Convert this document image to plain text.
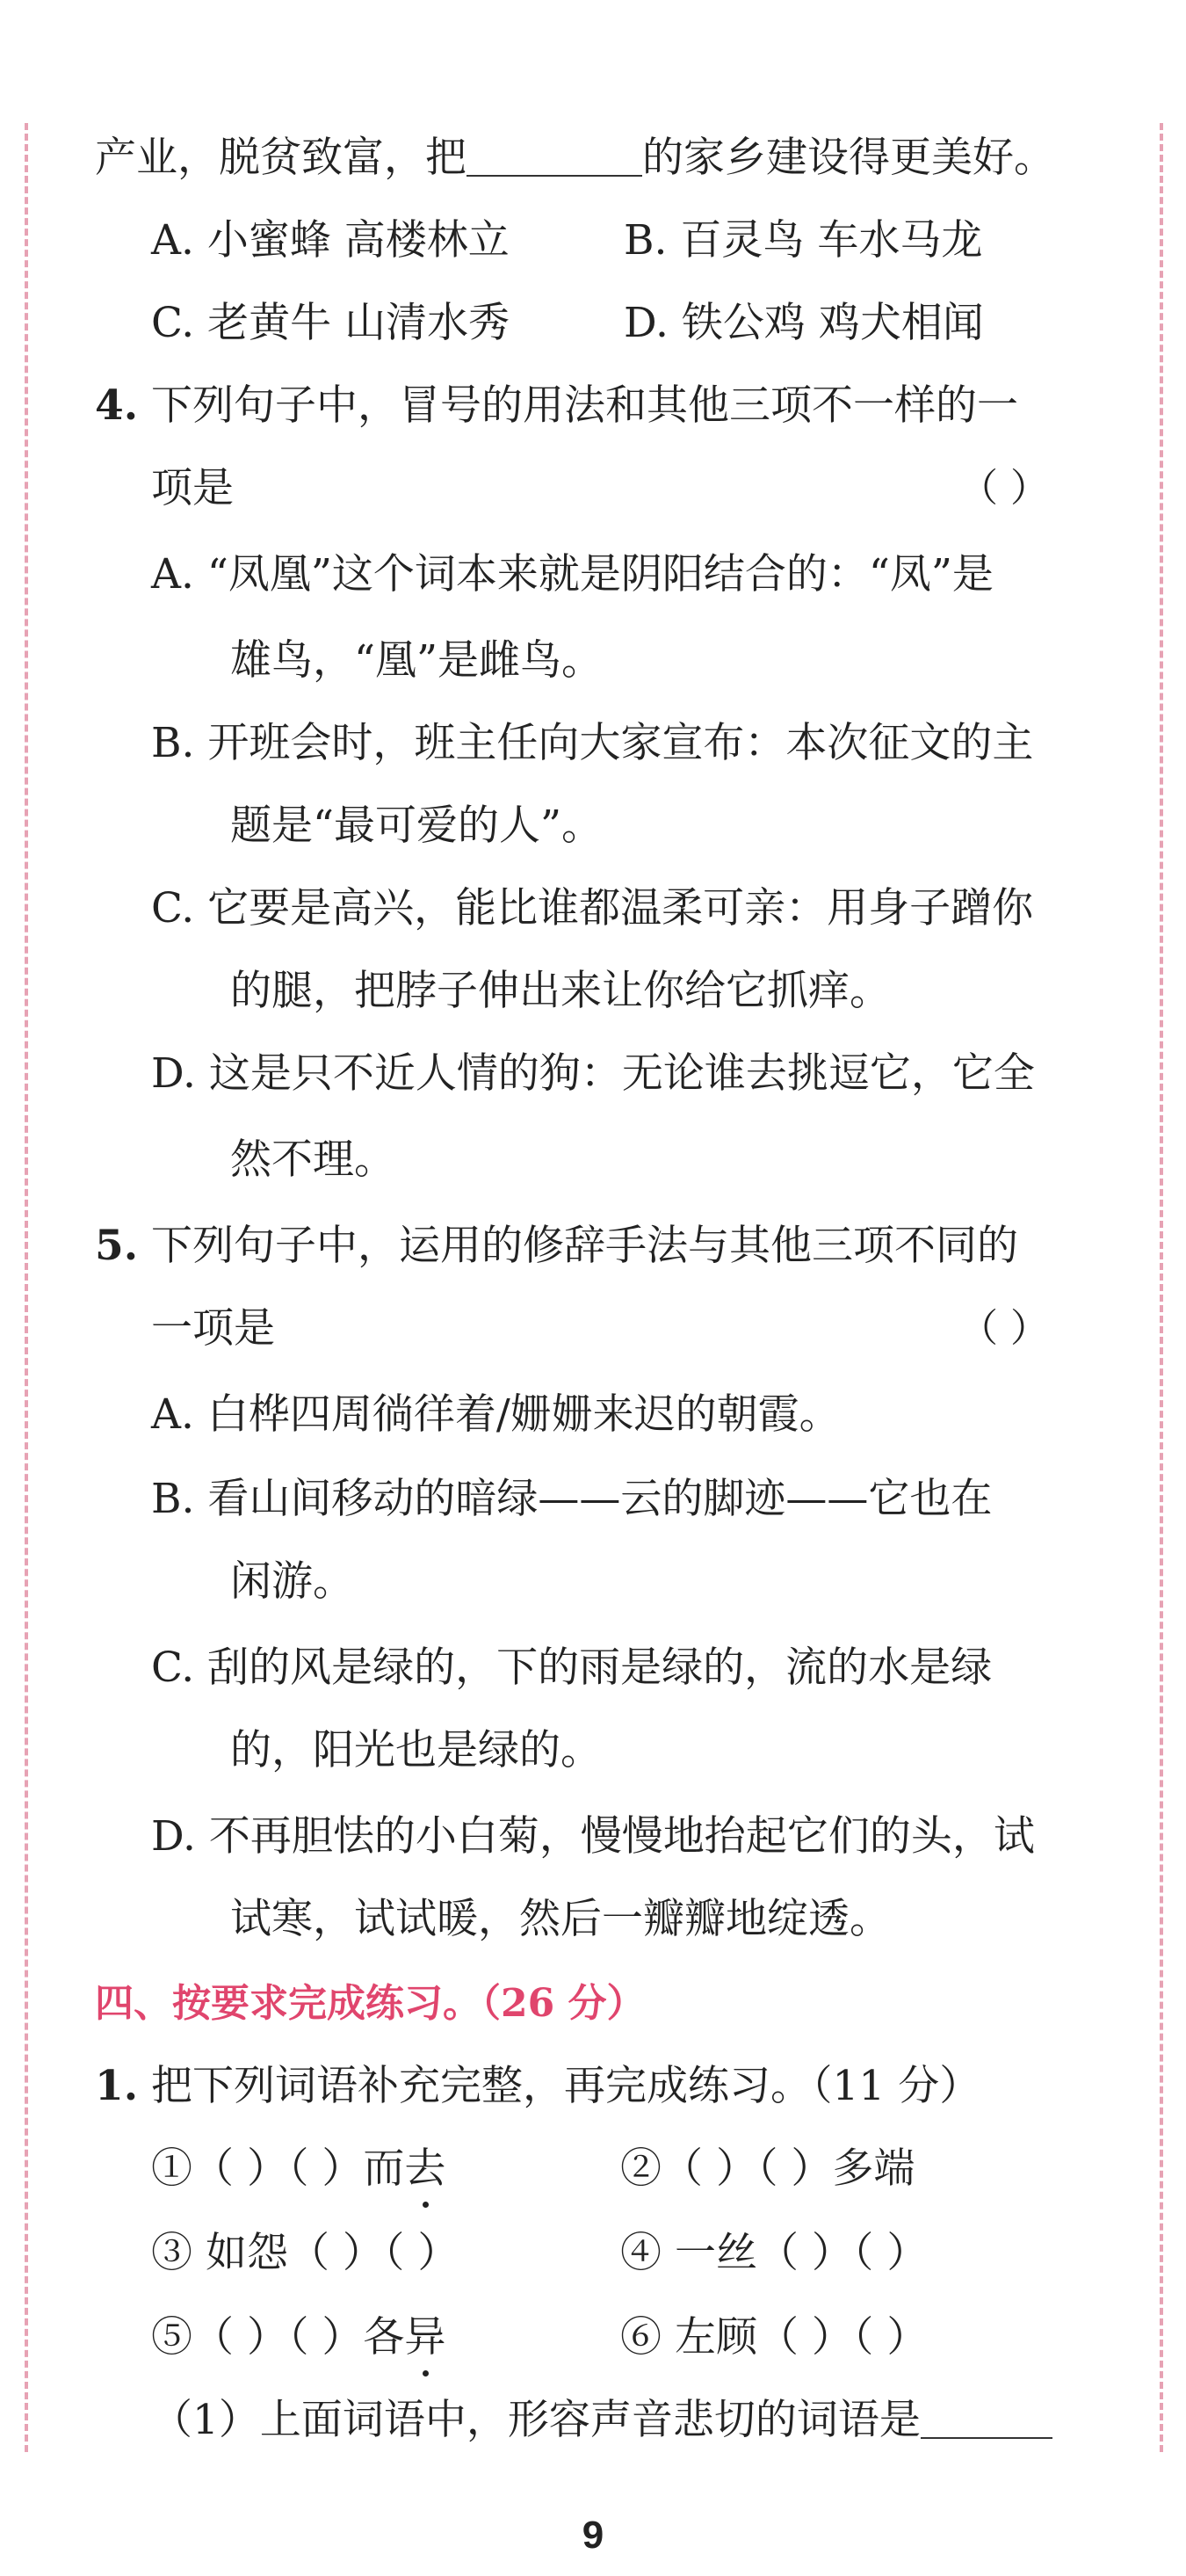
产业，脱贫致富，把	的家乡建设得更美好。
A. 小蜜蜂 高楼林立	B. 百灵鸟 车水马龙
C. 老黄牛 山清水秀	D. 铁公鸡 鸡犬相闻
4. 下列句子中，冒号的用法和其他三项不一样的一
项是	（ ）
A. “凤凰”这个词本来就是阴阳结合的：“凤”是
雄鸟，“凰”是雌鸟。
B. 开班会时，班主任向大家宣布：本次征文的主
题是“最可爱的人”。
C. 它要是高兴，能比谁都温柔可亲：用身子蹭你
的腿，把脖子伸出来让你给它抓痒。
D. 这是只不近人情的狗：无论谁去挑逗它，它全
然不理。
5. 下列句子中，运用的修辞手法与其他三项不同的
一项是	（ ）
A. 白桦四周徜徉着/姗姗来迟的朝霞。
B. 看山间移动的暗绿——云的脚迹——它也在
闲游。
C. 刮的风是绿的，下的雨是绿的，流的水是绿
的，阳光也是绿的。
D. 不再胆怯的小白菊，慢慢地抬起它们的头，试
试寒，试试暖，然后一瓣瓣地绽透。
四、按要求完成练习。（26 分）
1. 把下列词语补充完整，再完成练习。（11 分）
①（ ）（ ）而去	②（ ）（ ）多端
③ 如怨（ ）（ ）	④ 一丝（ ）（ ）
⑤（ ）（ ）各异	⑥ 左顾（ ）（ ）
（1）上面词语中，形容声音悲切的词语是
9
